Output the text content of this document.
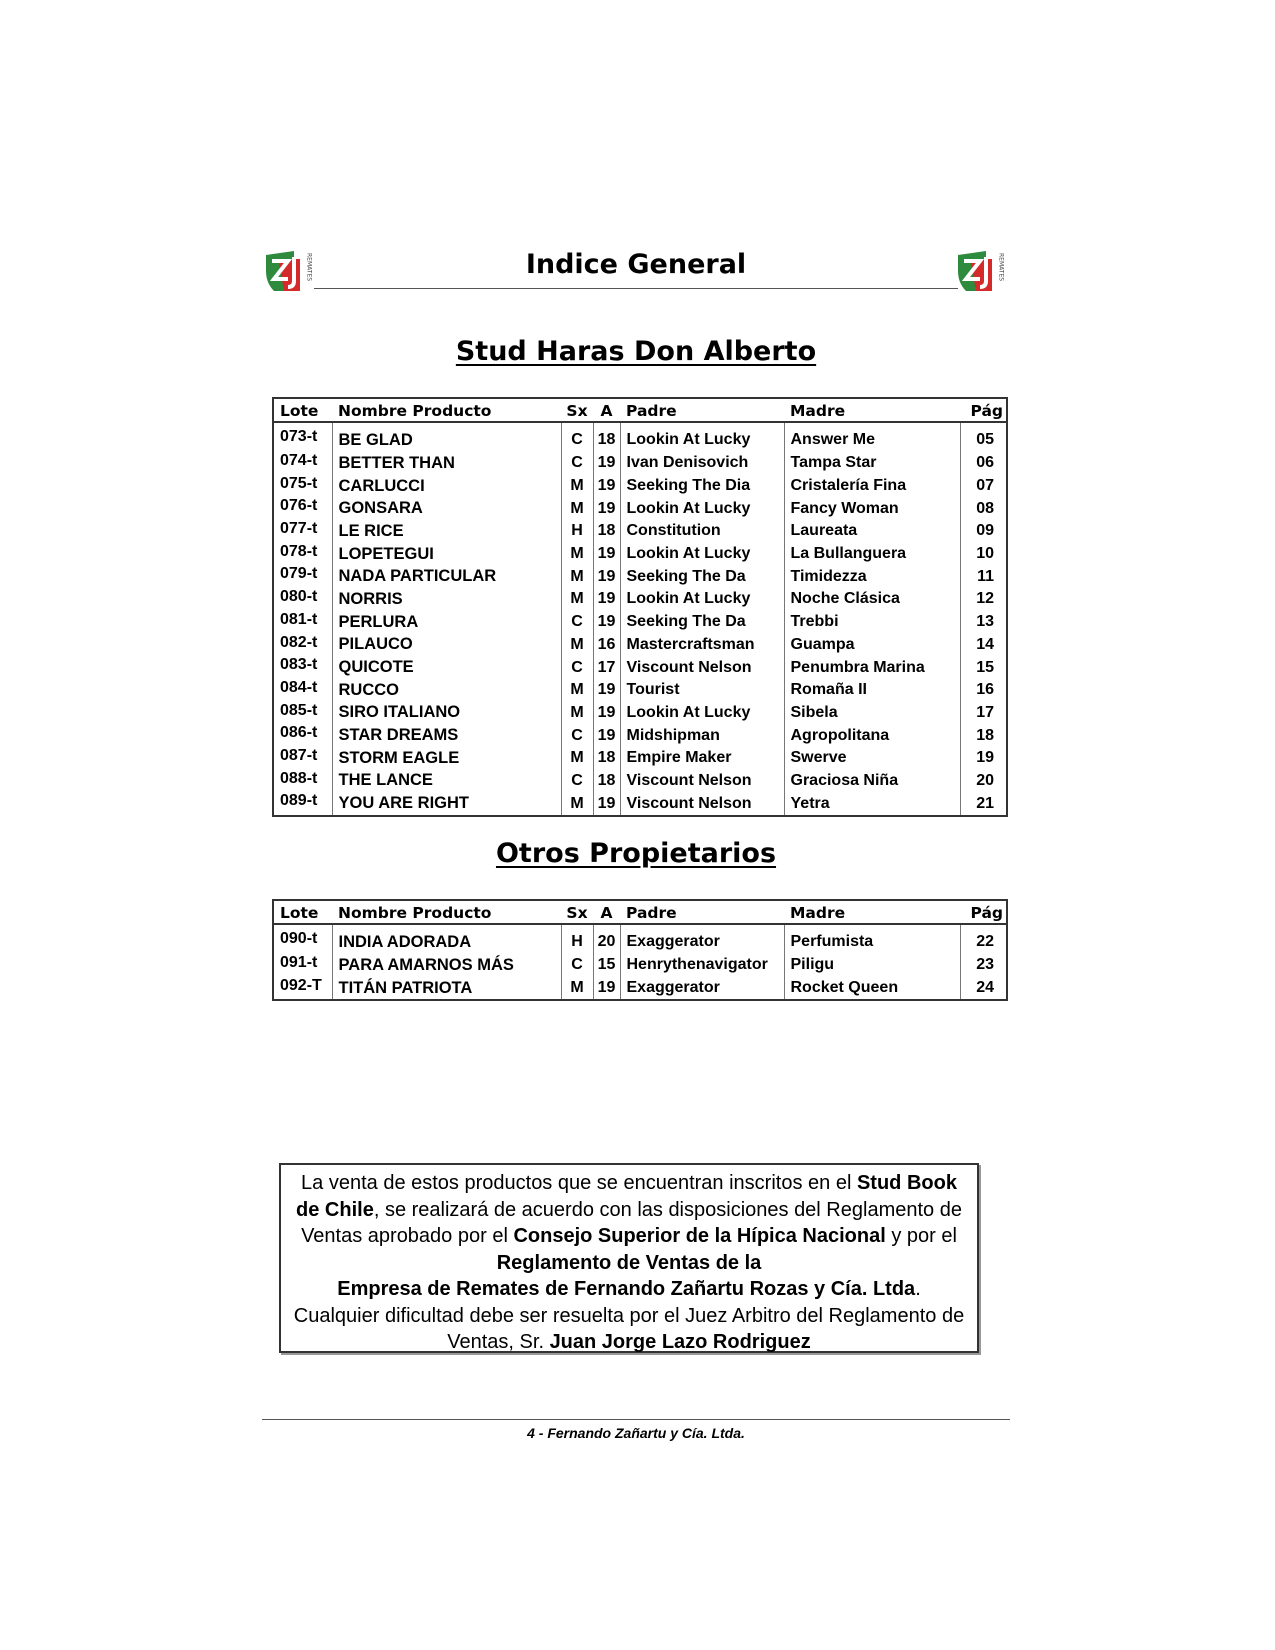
REMATES	Indice General	REMATES
Stud Haras Don Alberto
Lote	Nombre Producto	Sx	A	Padre	Madre	Pág
073-t	BE GLAD	C	18	Lookin At Lucky	Answer Me	05
074-t	BETTER THAN	C	19	Ivan Denisovich	Tampa Star	06
075-t	CARLUCCI	M	19	Seeking The Dia	Cristalería Fina	07
076-t	GONSARA	M	19	Lookin At Lucky	Fancy Woman	08
077-t	LE RICE	H	18	Constitution	Laureata	09
078-t	LOPETEGUI	M	19	Lookin At Lucky	La Bullanguera	10
079-t	NADA PARTICULAR	M	19	Seeking The Da	Timidezza	11
080-t	NORRIS	M	19	Lookin At Lucky	Noche Clásica	12
081-t	PERLURA	C	19	Seeking The Da	Trebbi	13
082-t	PILAUCO	M	16	Mastercraftsman	Guampa	14
083-t	QUICOTE	C	17	Viscount Nelson	Penumbra Marina	15
084-t	RUCCO	M	19	Tourist	Romaña II	16
085-t	SIRO ITALIANO	M	19	Lookin At Lucky	Sibela	17
086-t	STAR DREAMS	C	19	Midshipman	Agropolitana	18
087-t	STORM EAGLE	M	18	Empire Maker	Swerve	19
088-t	THE LANCE	C	18	Viscount Nelson	Graciosa Niña	20
089-t	YOU ARE RIGHT	M	19	Viscount Nelson	Yetra	21
Otros Propietarios
Lote	Nombre Producto	Sx	A	Padre	Madre	Pág
090-t	INDIA ADORADA	H	20	Exaggerator	Perfumista	22
091-t	PARA AMARNOS MÁS	C	15	Henrythenavigator	Piligu	23
092-T	TITÁN PATRIOTA	M	19	Exaggerator	Rocket Queen	24
La venta de estos productos que se encuentran inscritos en el Stud Book de Chile, se realizará de acuerdo con las disposiciones del Reglamento de Ventas aprobado por el Consejo Superior de la Hípica Nacional y por el
Reglamento de Ventas de la
Empresa de Remates de Fernando Zañartu Rozas y Cía. Ltda.
Cualquier dificultad debe ser resuelta por el Juez Arbitro del Reglamento de Ventas, Sr. Juan Jorge Lazo Rodriguez
4 - Fernando Zañartu y Cía. Ltda.
